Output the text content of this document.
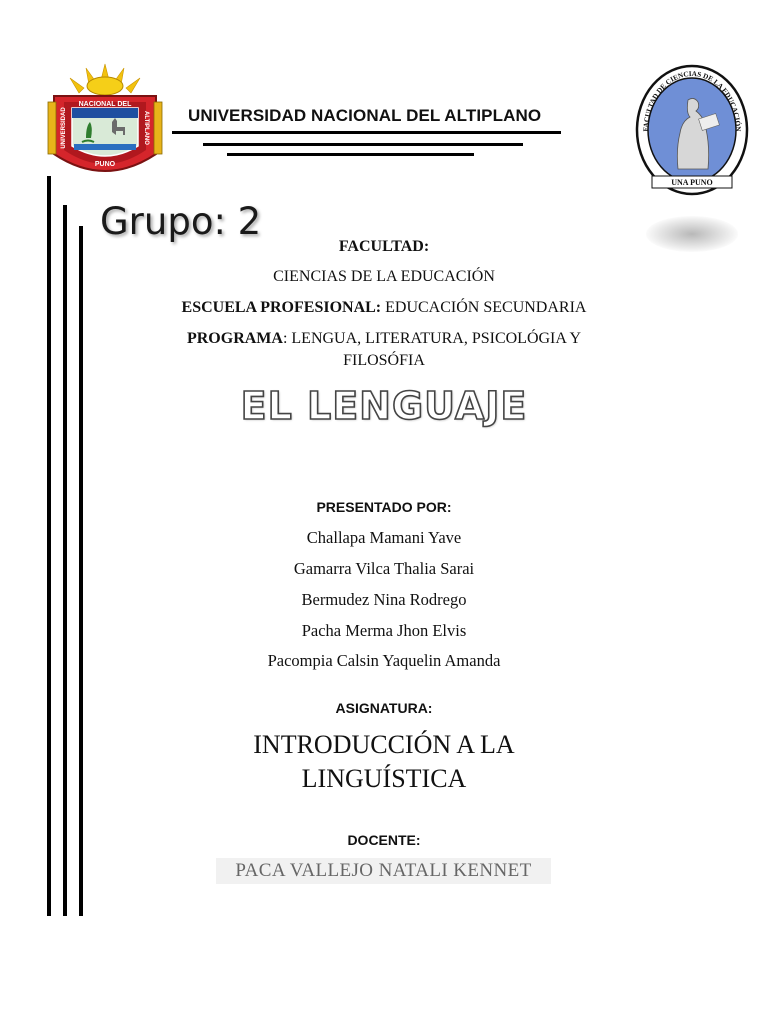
NACIONAL DEL
UNIVERSIDAD	ALTIPLANO
PUNO
UNIVERSIDAD NACIONAL DEL ALTIPLANO
FACULTAD DE CIENCIAS DE LA EDUCACIÓN
UNA PUNO
Grupo: 2
FACULTAD:
CIENCIAS DE LA EDUCACIÓN
ESCUELA PROFESIONAL: EDUCACIÓN SECUNDARIA
PROGRAMA: LENGUA, LITERATURA, PSICOLÓGIA Y
FILOSÓFIA
EL LENGUAJE
PRESENTADO POR:
Challapa Mamani Yave
Gamarra Vilca Thalia Sarai
Bermudez Nina Rodrego
Pacha Merma Jhon Elvis
Pacompia Calsin Yaquelin Amanda
ASIGNATURA:
INTRODUCCIÓN A LA
LINGUÍSTICA
DOCENTE:
PACA VALLEJO NATALI KENNET
